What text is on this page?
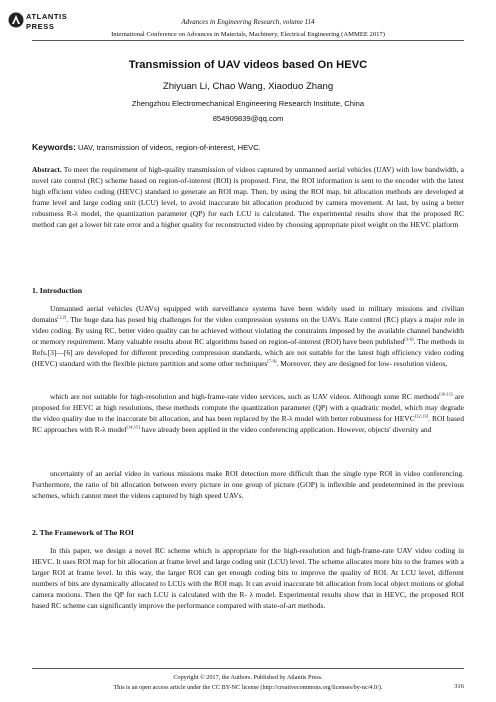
ATLANTIS
PRESS	Advances in Engineering Research, volume 114
International Conference on Advances in Materials, Machinery, Electrical Engineering (AMMEE 2017)
Transmission of UAV videos based On HEVC
Zhiyuan Li, Chao Wang, Xiaoduo Zhang
Zhengzhou Electromechanical Engineering Research Institute, China
854909839@qq.com
Keywords: UAV, transmission of videos, region-of-interest, HEVC.

Abstract. To meet the requirement of high-quality transmission of videos captured by unmanned aerial vehicles (UAV) with low bandwidth, a novel rate control (RC) scheme based on region-of-interest (ROI) is proposed. First, the ROI information is sent to the encoder with the latest high efficient video coding (HEVC) standard to generate an ROI map. Then, by using the ROI map, bit allocation methods are developed at frame level and large coding unit (LCU) level, to avoid inaccurate bit allocation produced by camera movement. At last, by using a better robustness R-λ model, the quantization parameter (QP) for each LCU is calculated. The experimental results show that the proposed RC method can get a lower bit rate error and a higher quality for reconstructed video by choosing appropriate pixel weight on the HEVC platform

1. Introduction

Unmanned aerial vehicles (UAVs) equipped with surveillance systems have been widely used in military missions and civilian domains[1,2]. The huge data has posed big challenges for the video compression systems on the UAVs. Rate control (RC) plays a major role in video coding. By using RC, better video quality can be achieved without violating the constraints imposed by the available channel bandwidth or memory requirement. Many valuable results about RC algorithms based on region-of-interest (ROI) have been published[3-6]. The methods in Refs.[3]—[6] are developed for different preceding compression standards, which are not suitable for the latest high efficiency video coding (HEVC) standard with the flexible picture partition and some other techniques[7-9]. Moreover, they are designed for low- resolution videos,

which are not suitable for high-resolution and high-frame-rate video services, such as UAV videos. Although some RC methods[10,11] are proposed for HEVC at high resolutions, these methods compute the quantization parameter (QP) with a quadratic model, which may degrade the video quality due to the inaccurate bit allocation, and has been replaced by the R-λ model with better robustness for HEVC[12,13]. ROI based RC approaches with R-λ model[14,15] have already been applied in the video conferencing application. However, objects' diversity and

uncertainty of an aerial video in various missions make ROI detection more difficult than the single type ROI in video conferencing. Furthermore, the ratio of bit allocation between every picture in one group of picture (GOP) is inflexible and predetermined in the previous schemes, which cannot meet the videos captured by high speed UAVs.

2. The Framework of The ROI

In this paper, we design a novel RC scheme which is appropriate for the high-resolution and high-frame-rate UAV video coding in HEVC. It uses ROI map for bit allocation at frame level and large coding unit (LCU) level. The scheme allocates more bits to the frames with a larger ROI at frame level. In this way, the larger ROI can get enough coding bits to improve the quality of ROI. At LCU level, different numbers of bits are dynamically allocated to LCUs with the ROI map. It can avoid inaccurate bit allocation from local object motions or global camera motions. Then the QP for each LCU is calculated with the R- λ model. Experimental results show that in HEVC, the proposed ROI based RC scheme can significantly improve the performance compared with state-of-art methods.

Copyright © 2017, the Authors. Published by Atlantis Press.
This is an open access article under the CC BY-NC license (http://creativecommons.org/licenses/by-nc/4.0/).	316
